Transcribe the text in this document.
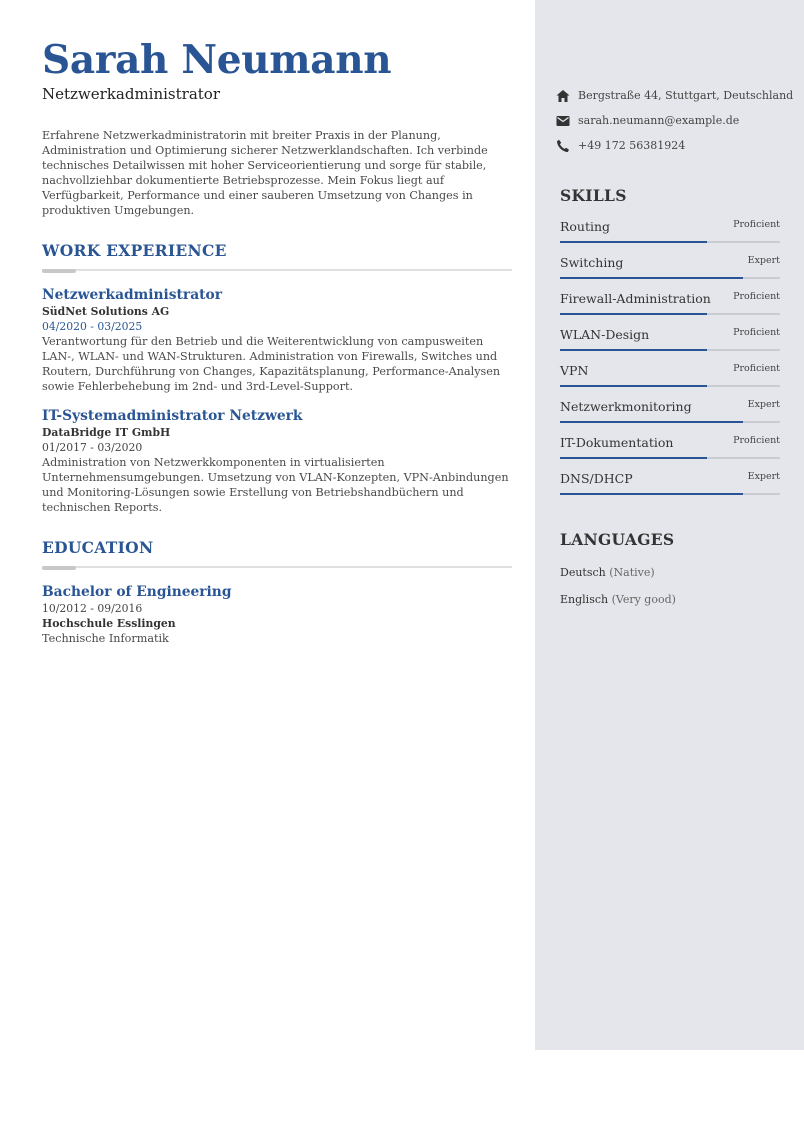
Sarah Neumann
Netzwerkadministrator
Erfahrene Netzwerkadministratorin mit breiter Praxis in der Planung, Administration und Optimierung sicherer Netzwerklandschaften. Ich verbinde technisches Detailwissen mit hoher Serviceorientierung und sorge für stabile, nachvollziehbar dokumentierte Betriebsprozesse. Mein Fokus liegt auf Verfügbarkeit, Performance und einer sauberen Umsetzung von Changes in produktiven Umgebungen.
WORK EXPERIENCE
Netzwerkadministrator
SüdNet Solutions AG
04/2020 - 03/2025
Verantwortung für den Betrieb und die Weiterentwicklung von campusweiten LAN-, WLAN- und WAN-Strukturen. Administration von Firewalls, Switches und Routern, Durchführung von Changes, Kapazitätsplanung, Performance-Analysen sowie Fehlerbehebung im 2nd- und 3rd-Level-Support.
IT-Systemadministrator Netzwerk
DataBridge IT GmbH
01/2017 - 03/2020
Administration von Netzwerkkomponenten in virtualisierten Unternehmensumgebungen. Umsetzung von VLAN-Konzepten, VPN-Anbindungen und Monitoring-Lösungen sowie Erstellung von Betriebshandbüchern und technischen Reports.
EDUCATION
Bachelor of Engineering
10/2012 - 09/2016
Hochschule Esslingen
Technische Informatik
Bergstraße 44, Stuttgart, Deutschland
sarah.neumann@example.de
+49 172 56381924
SKILLS
Routing	Proficient
Switching	Expert
Firewall-Administration Proficient
WLAN-Design	Proficient
VPN	Proficient
Netzwerkmonitoring	Expert
IT-Dokumentation	Proficient
DNS/DHCP	Expert
LANGUAGES
Deutsch (Native)
Englisch (Very good)
